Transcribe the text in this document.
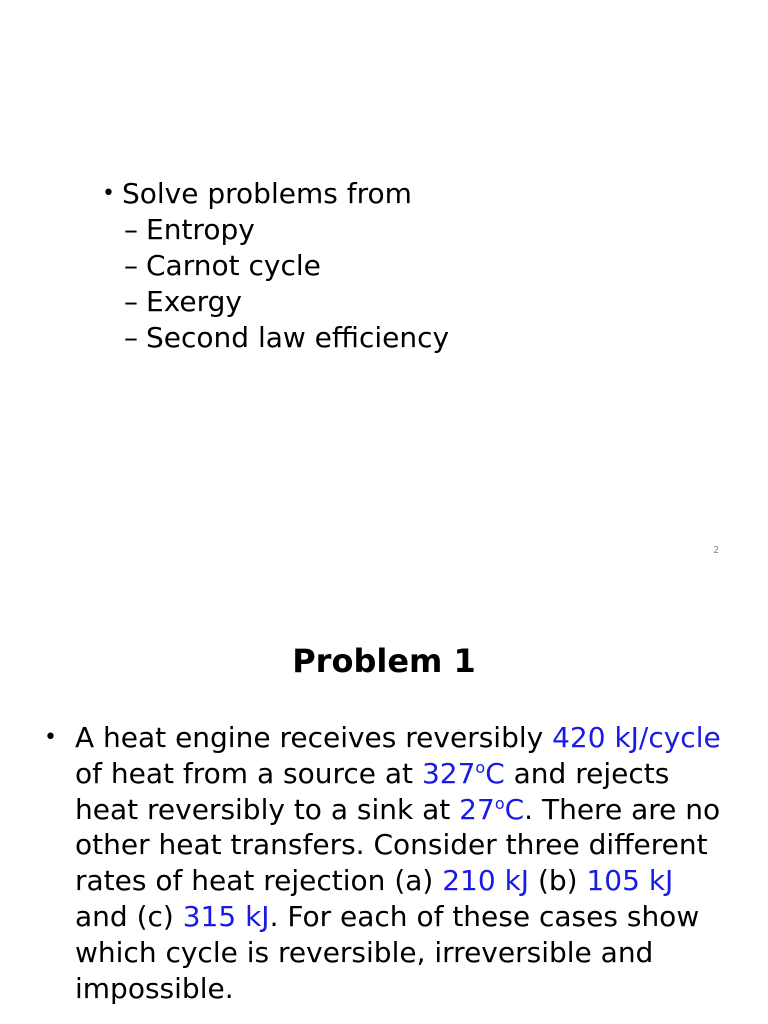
• Solve problems from
– Entropy
– Carnot cycle
– Exergy
– Second law efficiency
2
Problem 1
• A heat engine receives reversibly 420 kJ/cycle of heat from a source at 327$^o$C and rejects heat reversibly to a sink at 27$^o$C. There are no other heat transfers. Consider three different rates of heat rejection (a) 210 kJ (b) 105 kJ and (c) 315 kJ. For each of these cases show which cycle is reversible, irreversible and impossible.
